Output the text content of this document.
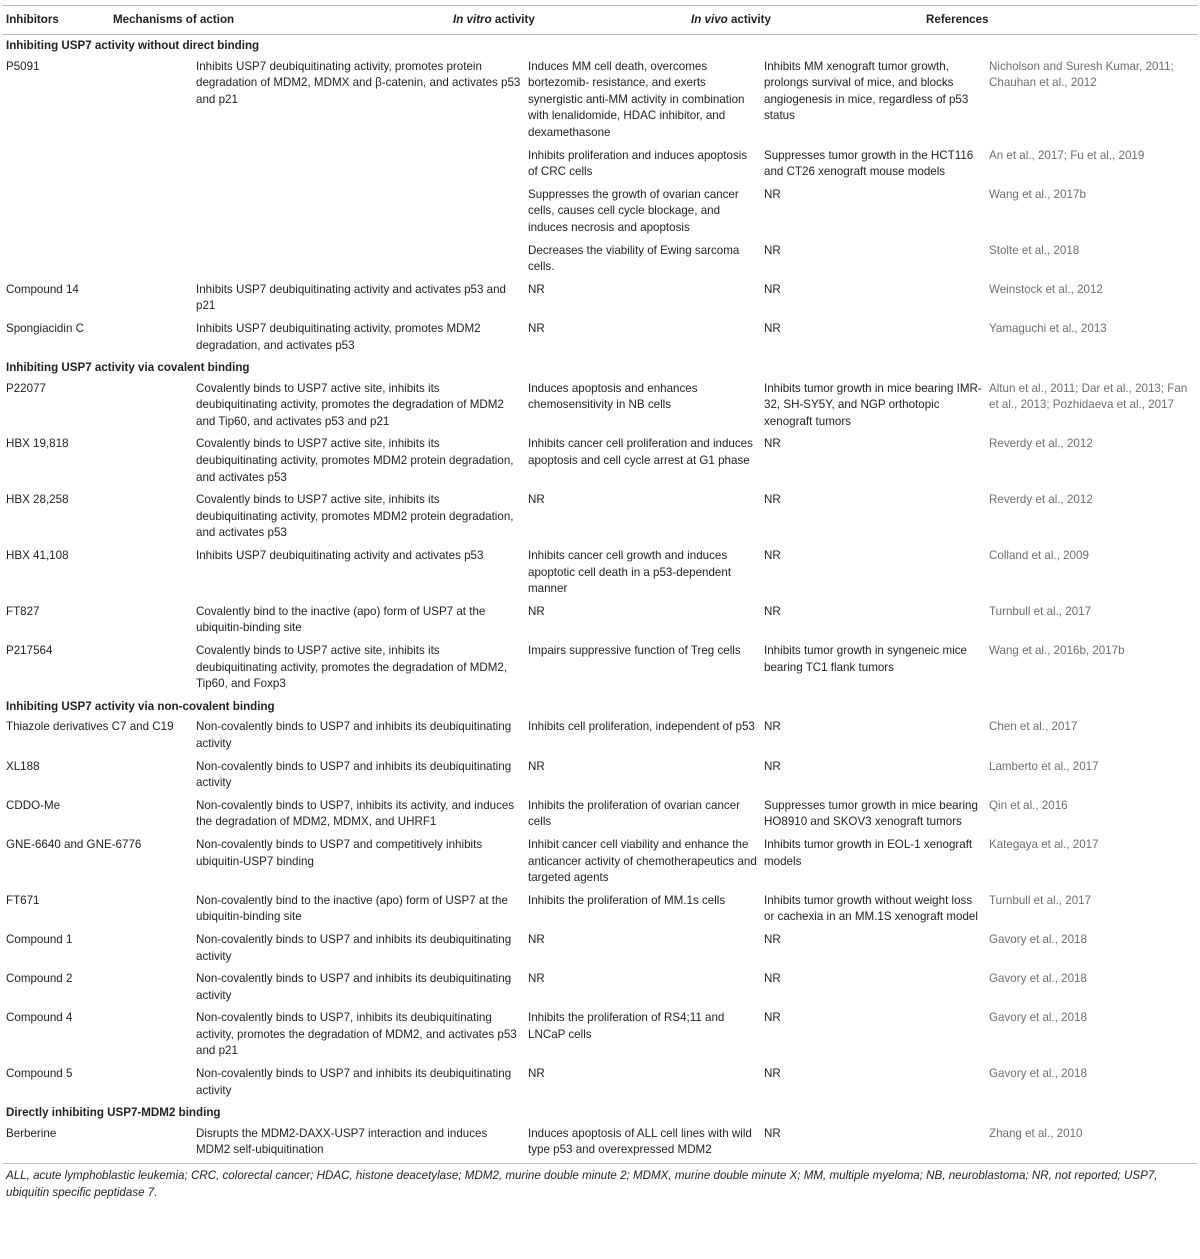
Inhibitors	Mechanisms of action	In vitro activity	In vivo activity	References
Inhibiting USP7 activity without direct binding
P5091	Inhibits USP7 deubiquitinating activity, promotes protein degradation of MDM2, MDMX and β-catenin, and activates p53 and p21	Induces MM cell death, overcomes bortezomib- resistance, and exerts synergistic anti-MM activity in combination with lenalidomide, HDAC inhibitor, and dexamethasone	Inhibits MM xenograft tumor growth, prolongs survival of mice, and blocks angiogenesis in mice, regardless of p53 status	Nicholson and Suresh Kumar, 2011; Chauhan et al., 2012
		Inhibits proliferation and induces apoptosis of CRC cells	Suppresses tumor growth in the HCT116 and CT26 xenograft mouse models	An et al., 2017; Fu et al., 2019
		Suppresses the growth of ovarian cancer cells, causes cell cycle blockage, and induces necrosis and apoptosis	NR	Wang et al., 2017b
		Decreases the viability of Ewing sarcoma cells.	NR	Stolte et al., 2018
Compound 14	Inhibits USP7 deubiquitinating activity and activates p53 and p21	NR	NR	Weinstock et al., 2012
Spongiacidin C	Inhibits USP7 deubiquitinating activity, promotes MDM2 degradation, and activates p53	NR	NR	Yamaguchi et al., 2013
Inhibiting USP7 activity via covalent binding
P22077	Covalently binds to USP7 active site, inhibits its deubiquitinating activity, promotes the degradation of MDM2 and Tip60, and activates p53 and p21	Induces apoptosis and enhances chemosensitivity in NB cells	Inhibits tumor growth in mice bearing IMR-32, SH-SY5Y, and NGP orthotopic xenograft tumors	Altun et al., 2011; Dar et al., 2013; Fan et al., 2013; Pozhidaeva et al., 2017
HBX 19,818	Covalently binds to USP7 active site, inhibits its deubiquitinating activity, promotes MDM2 protein degradation, and activates p53	Inhibits cancer cell proliferation and induces apoptosis and cell cycle arrest at G1 phase	NR	Reverdy et al., 2012
HBX 28,258	Covalently binds to USP7 active site, inhibits its deubiquitinating activity, promotes MDM2 protein degradation, and activates p53	NR	NR	Reverdy et al., 2012
HBX 41,108	Inhibits USP7 deubiquitinating activity and activates p53	Inhibits cancer cell growth and induces apoptotic cell death in a p53-dependent manner	NR	Colland et al., 2009
FT827	Covalently bind to the inactive (apo) form of USP7 at the ubiquitin-binding site	NR	NR	Turnbull et al., 2017
P217564	Covalently binds to USP7 active site, inhibits its deubiquitinating activity, promotes the degradation of MDM2, Tip60, and Foxp3	Impairs suppressive function of Treg cells	Inhibits tumor growth in syngeneic mice bearing TC1 flank tumors	Wang et al., 2016b, 2017b
Inhibiting USP7 activity via non-covalent binding
Thiazole derivatives C7 and C19	Non-covalently binds to USP7 and inhibits its deubiquitinating activity	Inhibits cell proliferation, independent of p53	NR	Chen et al., 2017
XL188	Non-covalently binds to USP7 and inhibits its deubiquitinating activity	NR	NR	Lamberto et al., 2017
CDDO-Me	Non-covalently binds to USP7, inhibits its activity, and induces the degradation of MDM2, MDMX, and UHRF1	Inhibits the proliferation of ovarian cancer cells	Suppresses tumor growth in mice bearing HO8910 and SKOV3 xenograft tumors	Qin et al., 2016
GNE-6640 and GNE-6776	Non-covalently binds to USP7 and competitively inhibits ubiquitin-USP7 binding	Inhibit cancer cell viability and enhance the anticancer activity of chemotherapeutics and targeted agents	Inhibits tumor growth in EOL-1 xenograft models	Kategaya et al., 2017
FT671	Non-covalently bind to the inactive (apo) form of USP7 at the ubiquitin-binding site	Inhibits the proliferation of MM.1s cells	Inhibits tumor growth without weight loss or cachexia in an MM.1S xenograft model	Turnbull et al., 2017
Compound 1	Non-covalently binds to USP7 and inhibits its deubiquitinating activity	NR	NR	Gavory et al., 2018
Compound 2	Non-covalently binds to USP7 and inhibits its deubiquitinating activity	NR	NR	Gavory et al., 2018
Compound 4	Non-covalently binds to USP7, inhibits its deubiquitinating activity, promotes the degradation of MDM2, and activates p53 and p21	Inhibits the proliferation of RS4;11 and LNCaP cells	NR	Gavory et al., 2018
Compound 5	Non-covalently binds to USP7 and inhibits its deubiquitinating activity	NR	NR	Gavory et al., 2018
Directly inhibiting USP7-MDM2 binding
Berberine	Disrupts the MDM2-DAXX-USP7 interaction and induces MDM2 self-ubiquitination	Induces apoptosis of ALL cell lines with wild type p53 and overexpressed MDM2	NR	Zhang et al., 2010
ALL, acute lymphoblastic leukemia; CRC, colorectal cancer; HDAC, histone deacetylase; MDM2, murine double minute 2; MDMX, murine double minute X; MM, multiple myeloma; NB, neuroblastoma; NR, not reported; USP7, ubiquitin specific peptidase 7.
